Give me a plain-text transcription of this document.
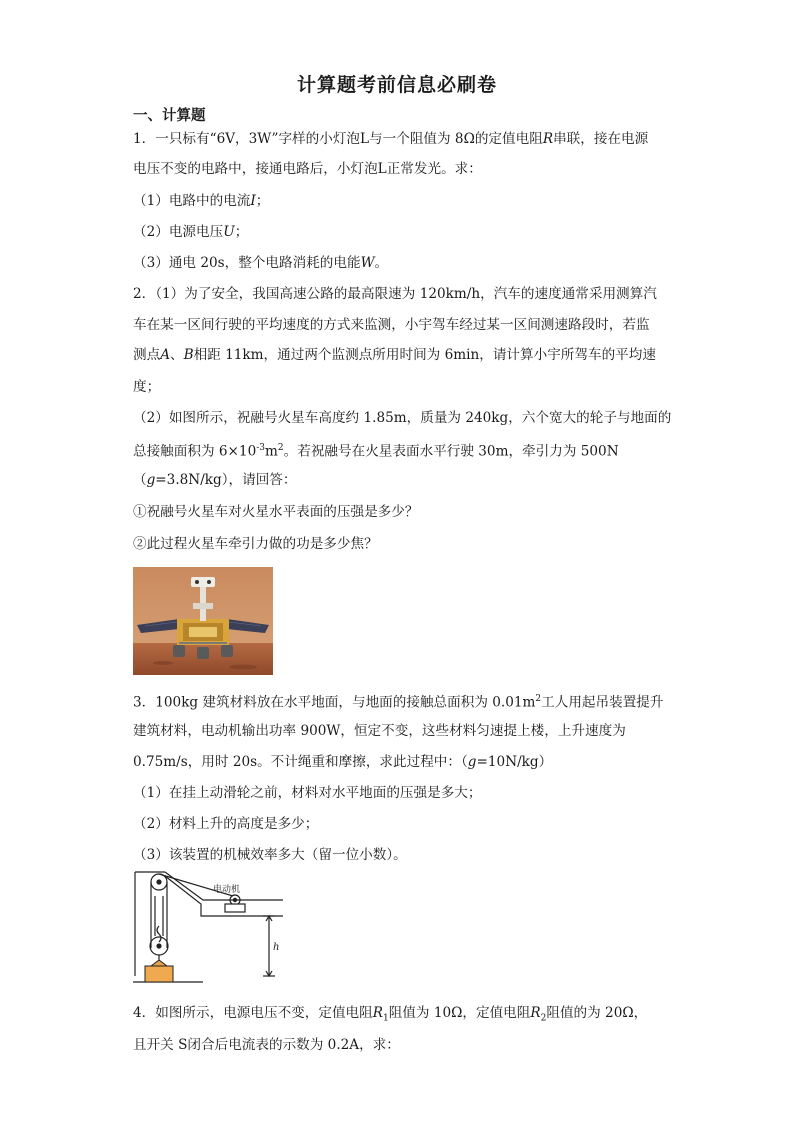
计算题考前信息必刷卷
一、计算题
1．一只标有“6V，3W”字样的小灯泡L与一个阻值为 8Ω的定值电阻R串联，接在电源
电压不变的电路中，接通电路后，小灯泡L正常发光。求：
（1）电路中的电流I；
（2）电源电压U；
（3）通电 20s，整个电路消耗的电能W。
2．（1）为了安全，我国高速公路的最高限速为 120km/h，汽车的速度通常采用测算汽
车在某一区间行驶的平均速度的方式来监测，小宇驾车经过某一区间测速路段时，若监
测点A、B相距 11km，通过两个监测点所用时间为 6min，请计算小宇所驾车的平均速
度；
（2）如图所示，祝融号火星车高度约 1.85m，质量为 240kg，六个宽大的轮子与地面的
总接触面积为 $6\times 10^{-3}m^2$。若祝融号在火星表面水平行驶 30m，牵引力为 500N
（g=3.8N/kg），请回答：
①祝融号火星车对火星水平表面的压强是多少？
②此过程火星车牵引力做的功是多少焦？
3．100kg 建筑材料放在水平地面，与地面的接触总面积为 $0.01m^2$工人用起吊装置提升
建筑材料，电动机输出功率 900W，恒定不变，这些材料匀速提上楼，上升速度为
0.75m/s，用时 20s。不计绳重和摩擦，求此过程中：（g=10N/kg）
（1）在挂上动滑轮之前，材料对水平地面的压强是多大；
（2）材料上升的高度是多少；
（3）该装置的机械效率多大（留一位小数）。
电动机
h
4．如图所示，电源电压不变，定值电阻$R_1$阻值为 10Ω，定值电阻$R_2$阻值的为 20Ω，
且开关 S闭合后电流表的示数为 0.2A，求：
